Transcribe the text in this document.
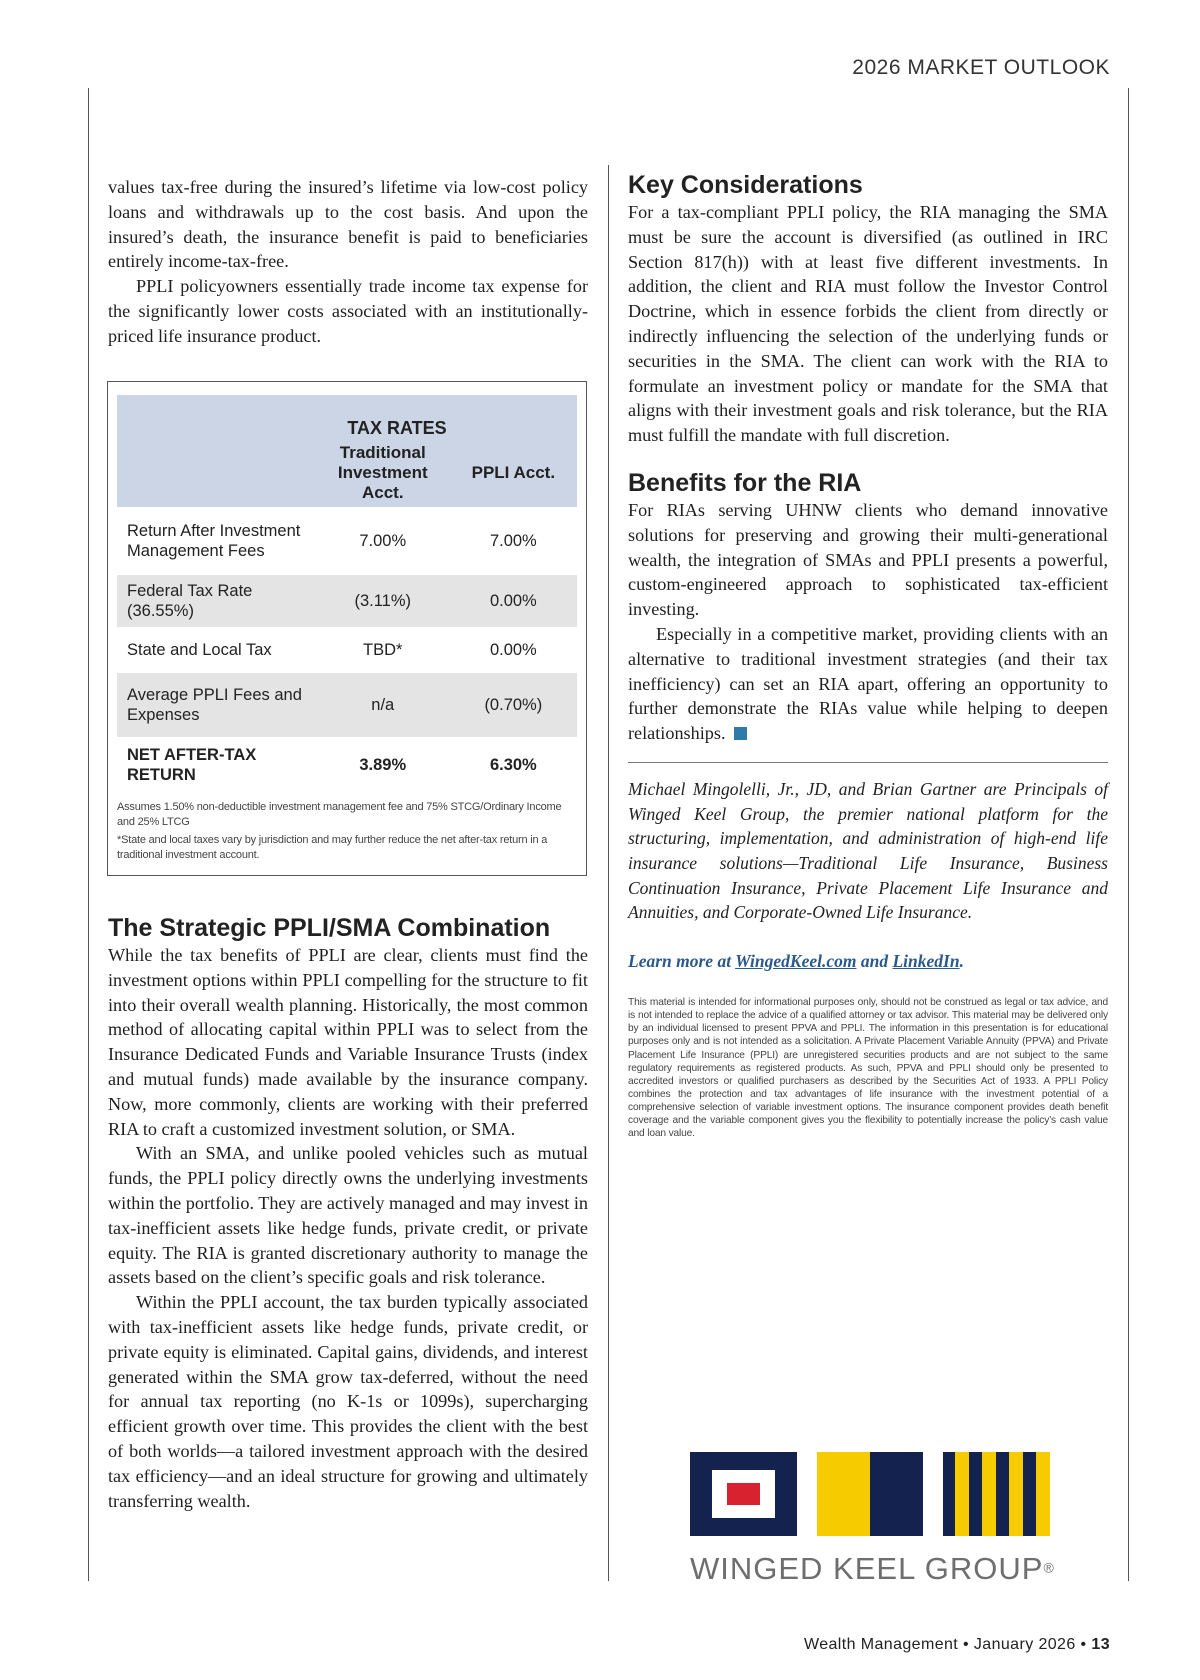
2026 MARKET OUTLOOK

values tax-free during the insured’s lifetime via low-cost policy loans and withdrawals up to the cost basis. And upon the insured’s death, the insurance benefit is paid to beneficiaries entirely income-tax-free.

PPLI policyowners essentially trade income tax expense for the significantly lower costs associated with an institutionally-priced life insurance product.

TAX RATES		
	Traditional Investment Acct.	PPLI Acct.
Return After Investment Management Fees	7.00%	7.00%
Federal Tax Rate (36.55%)	(3.11%)	0.00%
State and Local Tax	TBD*	0.00%
Average PPLI Fees and Expenses	n/a	(0.70%)
NET AFTER-TAX RETURN	3.89%	6.30%

Assumes 1.50% non-deductible investment management fee and 75% STCG/Ordinary Income and 25% LTCG

*State and local taxes vary by jurisdiction and may further reduce the net after-tax return in a traditional investment account.

The Strategic PPLI/SMA Combination

While the tax benefits of PPLI are clear, clients must find the investment options within PPLI compelling for the structure to fit into their overall wealth planning. Historically, the most common method of allocating capital within PPLI was to select from the Insurance Dedicated Funds and Variable Insurance Trusts (index and mutual funds) made available by the insurance company. Now, more commonly, clients are working with their preferred RIA to craft a customized investment solution, or SMA.

With an SMA, and unlike pooled vehicles such as mutual funds, the PPLI policy directly owns the underlying investments within the portfolio. They are actively managed and may invest in tax-inefficient assets like hedge funds, private credit, or private equity. The RIA is granted discretionary authority to manage the assets based on the client’s specific goals and risk tolerance.

Within the PPLI account, the tax burden typically associated with tax-inefficient assets like hedge funds, private credit, or private equity is eliminated. Capital gains, dividends, and interest generated within the SMA grow tax-deferred, without the need for annual tax reporting (no K-1s or 1099s), supercharging efficient growth over time. This provides the client with the best of both worlds—a tailored investment approach with the desired tax efficiency—and an ideal structure for growing and ultimately transferring wealth.

Key Considerations

For a tax-compliant PPLI policy, the RIA managing the SMA must be sure the account is diversified (as outlined in IRC Section 817(h)) with at least five different investments. In addition, the client and RIA must follow the Investor Control Doctrine, which in essence forbids the client from directly or indirectly influencing the selection of the underlying funds or securities in the SMA. The client can work with the RIA to formulate an investment policy or mandate for the SMA that aligns with their investment goals and risk tolerance, but the RIA must fulfill the mandate with full discretion.

Benefits for the RIA

For RIAs serving UHNW clients who demand innovative solutions for preserving and growing their multi-generational wealth, the integration of SMAs and PPLI presents a powerful, custom-engineered approach to sophisticated tax-efficient investing.

Especially in a competitive market, providing clients with an alternative to traditional investment strategies (and their tax inefficiency) can set an RIA apart, offering an opportunity to further demonstrate the RIAs value while helping to deepen relationships.

Michael Mingolelli, Jr., JD, and Brian Gartner are Principals of Winged Keel Group, the premier national platform for the structuring, implementation, and administration of high-end life insurance solutions—Traditional Life Insurance, Business Continuation Insurance, Private Placement Life Insurance and Annuities, and Corporate-Owned Life Insurance.

Learn more at WingedKeel.com and LinkedIn.

This material is intended for informational purposes only, should not be construed as legal or tax advice, and is not intended to replace the advice of a qualified attorney or tax advisor. This material may be delivered only by an individual licensed to present PPVA and PPLI. The information in this presentation is for educational purposes only and is not intended as a solicitation. A Private Placement Variable Annuity (PPVA) and Private Placement Life Insurance (PPLI) are unregistered securities products and are not subject to the same regulatory requirements as registered products. As such, PPVA and PPLI should only be presented to accredited investors or qualified purchasers as described by the Securities Act of 1933. A PPLI Policy combines the protection and tax advantages of life insurance with the investment potential of a comprehensive selection of variable investment options. The insurance component provides death benefit coverage and the variable component gives you the flexibility to potentially increase the policy’s cash value and loan value.

WINGED KEEL GROUP®
Wealth Management • January 2026 • 13
